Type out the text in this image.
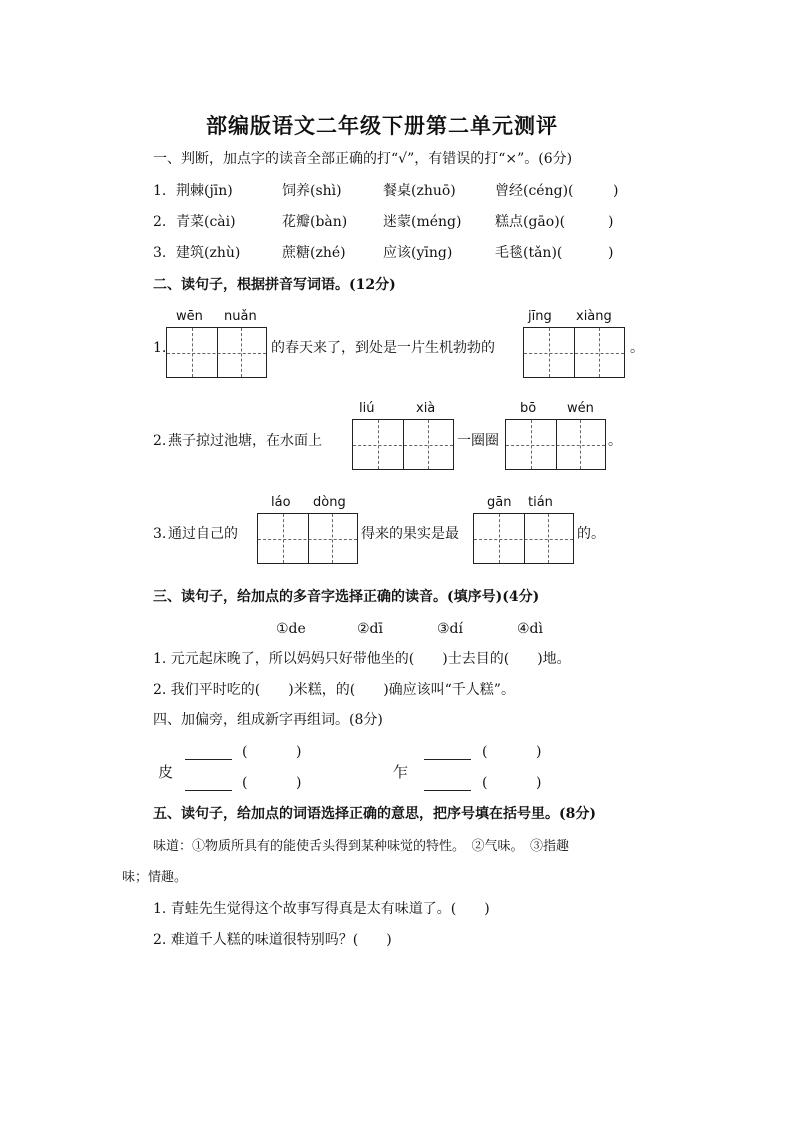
部编版语文二年级下册第二单元测评
一、判断，加点字的读音全部正确的打“√”，有错误的打“×”。(6分)
1. 荆棘(jīn)	饲养(shì)	餐桌(zhuō)	曾经(céng)(	)
2. 青菜(cài)	花瓣(bàn)	迷蒙(méng) 糕点(gāo)(	)
3. 建筑(zhù)	蔗糖(zhé)	应该(yīng)	毛毯(tǎn)(	)
二、读句子，根据拼音写词语。(12分)
wēn nuǎn	jīng xiàng
1.	的春天来了，到处是一片生机勃勃的	。
liú	xià	bō wén
2. 燕子掠过池塘，在水面上	一圈圈	。
láo dòng	gān tián
3. 通过自己的	得来的果实是最	的。
三、读句子，给加点的多音字选择正确的读音。(填序号)(4分)
①de	②dī	③dí	④dì
1. 元元起床晚了，所以妈妈只好带他坐的(　　)士去目的(　　)地。
2. 我们平时吃的(　　)米糕，的(　　)确应该叫“千人糕”。
四、加偏旁，组成新字再组词。(8分)
皮
(	)
(	)
乍
(	)
(	)
五、读句子，给加点的词语选择正确的意思，把序号填在括号里。(8分)
味道：①物质所具有的能使舌头得到某种味觉的特性。　②气味。　③指趣
味；情趣。
1. 青蛙先生觉得这个故事写得真是太有味道了。(　　)
2. 难道千人糕的味道很特别吗？(　　)
